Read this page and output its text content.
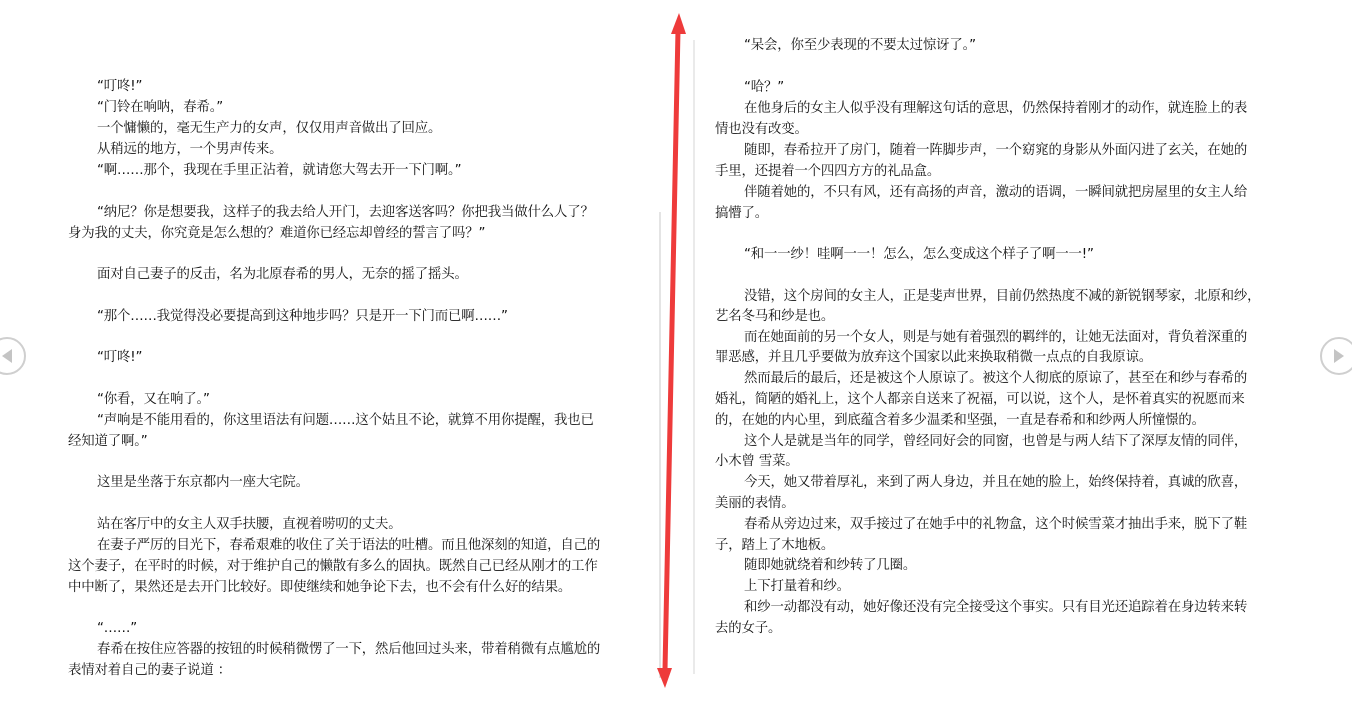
“叮咚!”
“门铃在响呐，春希。”
一个慵懒的，毫无生产力的女声，仅仅用声音做出了回应。
从稍远的地方，一个男声传来。
“啊……那个，我现在手里正沾着，就请您大驾去开一下门啊。”
“纳尼？你是想要我，这样子的我去给人开门，去迎客送客吗？你把我当做什么人了？
身为我的丈夫，你究竟是怎么想的？难道你已经忘却曾经的誓言了吗？”
面对自己妻子的反击，名为北原春希的男人，无奈的摇了摇头。
“那个……我觉得没必要提高到这种地步吗？只是开一下门而已啊……”
“叮咚!”
“你看，又在响了。”
“声响是不能用看的，你这里语法有问题……这个姑且不论，就算不用你提醒，我也已
经知道了啊。”
这里是坐落于东京都内一座大宅院。
站在客厅中的女主人双手扶腰，直视着唠叨的丈夫。
在妻子严厉的目光下，春希艰难的收住了关于语法的吐槽。而且他深刻的知道，自己的
这个妻子，在平时的时候，对于维护自己的懒散有多么的固执。既然自己已经从刚才的工作
中中断了，果然还是去开门比较好。即使继续和她争论下去，也不会有什么好的结果。
“……”
春希在按住应答器的按钮的时候稍微愣了一下，然后他回过头来，带着稍微有点尴尬的
表情对着自己的妻子说道 ：
“呆会，你至少表现的不要太过惊讶了。”
“哈？”
在他身后的女主人似乎没有理解这句话的意思，仍然保持着刚才的动作，就连脸上的表
情也没有改变。
随即，春希拉开了房门，随着一阵脚步声，一个窈窕的身影从外面闪进了玄关，在她的
手里，还提着一个四四方方的礼品盒。
伴随着她的，不只有风，还有高扬的声音，激动的语调，一瞬间就把房屋里的女主人给
搞懵了。
“和一一纱！哇啊一一！怎么，怎么变成这个样子了啊一一!”
没错，这个房间的女主人，正是斐声世界，目前仍然热度不减的新锐钢琴家，北原和纱，
艺名冬马和纱是也。
而在她面前的另一个女人，则是与她有着强烈的羁绊的，让她无法面对，背负着深重的
罪恶感，并且几乎要做为放弃这个国家以此来换取稍微一点点的自我原谅。
然而最后的最后，还是被这个人原谅了。被这个人彻底的原谅了，甚至在和纱与春希的
婚礼，简陋的婚礼上，这个人都亲自送来了祝福，可以说，这个人，是怀着真实的祝愿而来
的，在她的内心里，到底蕴含着多少温柔和坚强，一直是春希和和纱两人所憧憬的。
这个人是就是当年的同学，曾经同好会的同窗，也曾是与两人结下了深厚友情的同伴，
小木曾 雪菜。
今天，她又带着厚礼，来到了两人身边，并且在她的脸上，始终保持着，真诚的欣喜，
美丽的表情。
春希从旁边过来，双手接过了在她手中的礼物盒，这个时候雪菜才抽出手来，脱下了鞋
子，踏上了木地板。
随即她就绕着和纱转了几圈。
上下打量着和纱。
和纱一动都没有动，她好像还没有完全接受这个事实。只有目光还追踪着在身边转来转
去的女子。
